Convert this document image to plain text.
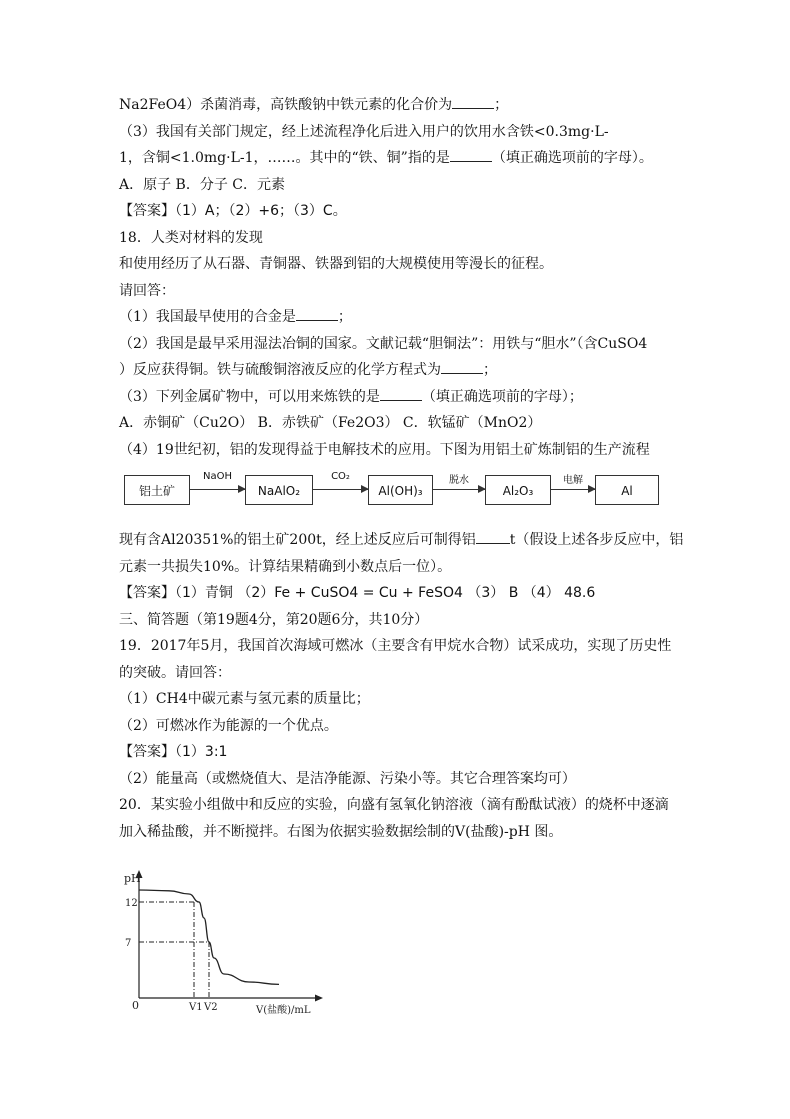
Na2FeO4）杀菌消毒，高铁酸钠中铁元素的化合价为	；
（3）我国有关部门规定，经上述流程净化后进入用户的饮用水含铁<0.3mg·L-
1，含铜<1.0mg·L-1，……。其中的“铁、铜”指的是	（填正确选项前的字母）。
A．原子 B．分子 C．元素
【答案】（1）A；（2）+6；（3）C。
18．人类对材料的发现
和使用经历了从石器、青铜器、铁器到铝的大规模使用等漫长的征程。
请回答：
（1）我国最早使用的合金是	；
（2）我国是最早采用湿法冶铜的国家。文献记载“胆铜法”：用铁与“胆水”（含CuSO4
）反应获得铜。铁与硫酸铜溶液反应的化学方程式为	；
（3）下列金属矿物中，可以用来炼铁的是	（填正确选项前的字母）；
A．赤铜矿（Cu2O） B．赤铁矿（Fe2O3） C．软锰矿（MnO2）
（4）19世纪初，铝的发现得益于电解技术的应用。下图为用铝土矿炼制铝的生产流程
铝土矿
NaOH
NaAlO₂
CO₂
Al(OH)₃
脱水
Al₂O₃
电解
Al
现有含Al20351%的铝土矿200t，经上述反应后可制得铝 t（假设上述各步反应中，铝
元素一共损失10%。计算结果精确到小数点后一位）。
【答案】（1）青铜 （2）Fe + CuSO4 = Cu + FeSO4 （3） B （4） 48.6
三、简答题（第19题4分，第20题6分，共10分）
19．2017年5月，我国首次海域可燃冰（主要含有甲烷水合物）试采成功，实现了历史性
的突破。请回答：
（1）CH4中碳元素与氢元素的质量比；
（2）可燃冰作为能源的一个优点。
【答案】（1）3:1
（2）能量高（或燃烧值大、是洁净能源、污染小等。其它合理答案均可）
20．某实验小组做中和反应的实验，向盛有氢氧化钠溶液（滴有酚酞试液）的烧杯中逐滴
加入稀盐酸，并不断搅拌。右图为依据实验数据绘制的V(盐酸)-pH 图。
pH
0	V(盐酸)/mL
12
V1
7
V2
